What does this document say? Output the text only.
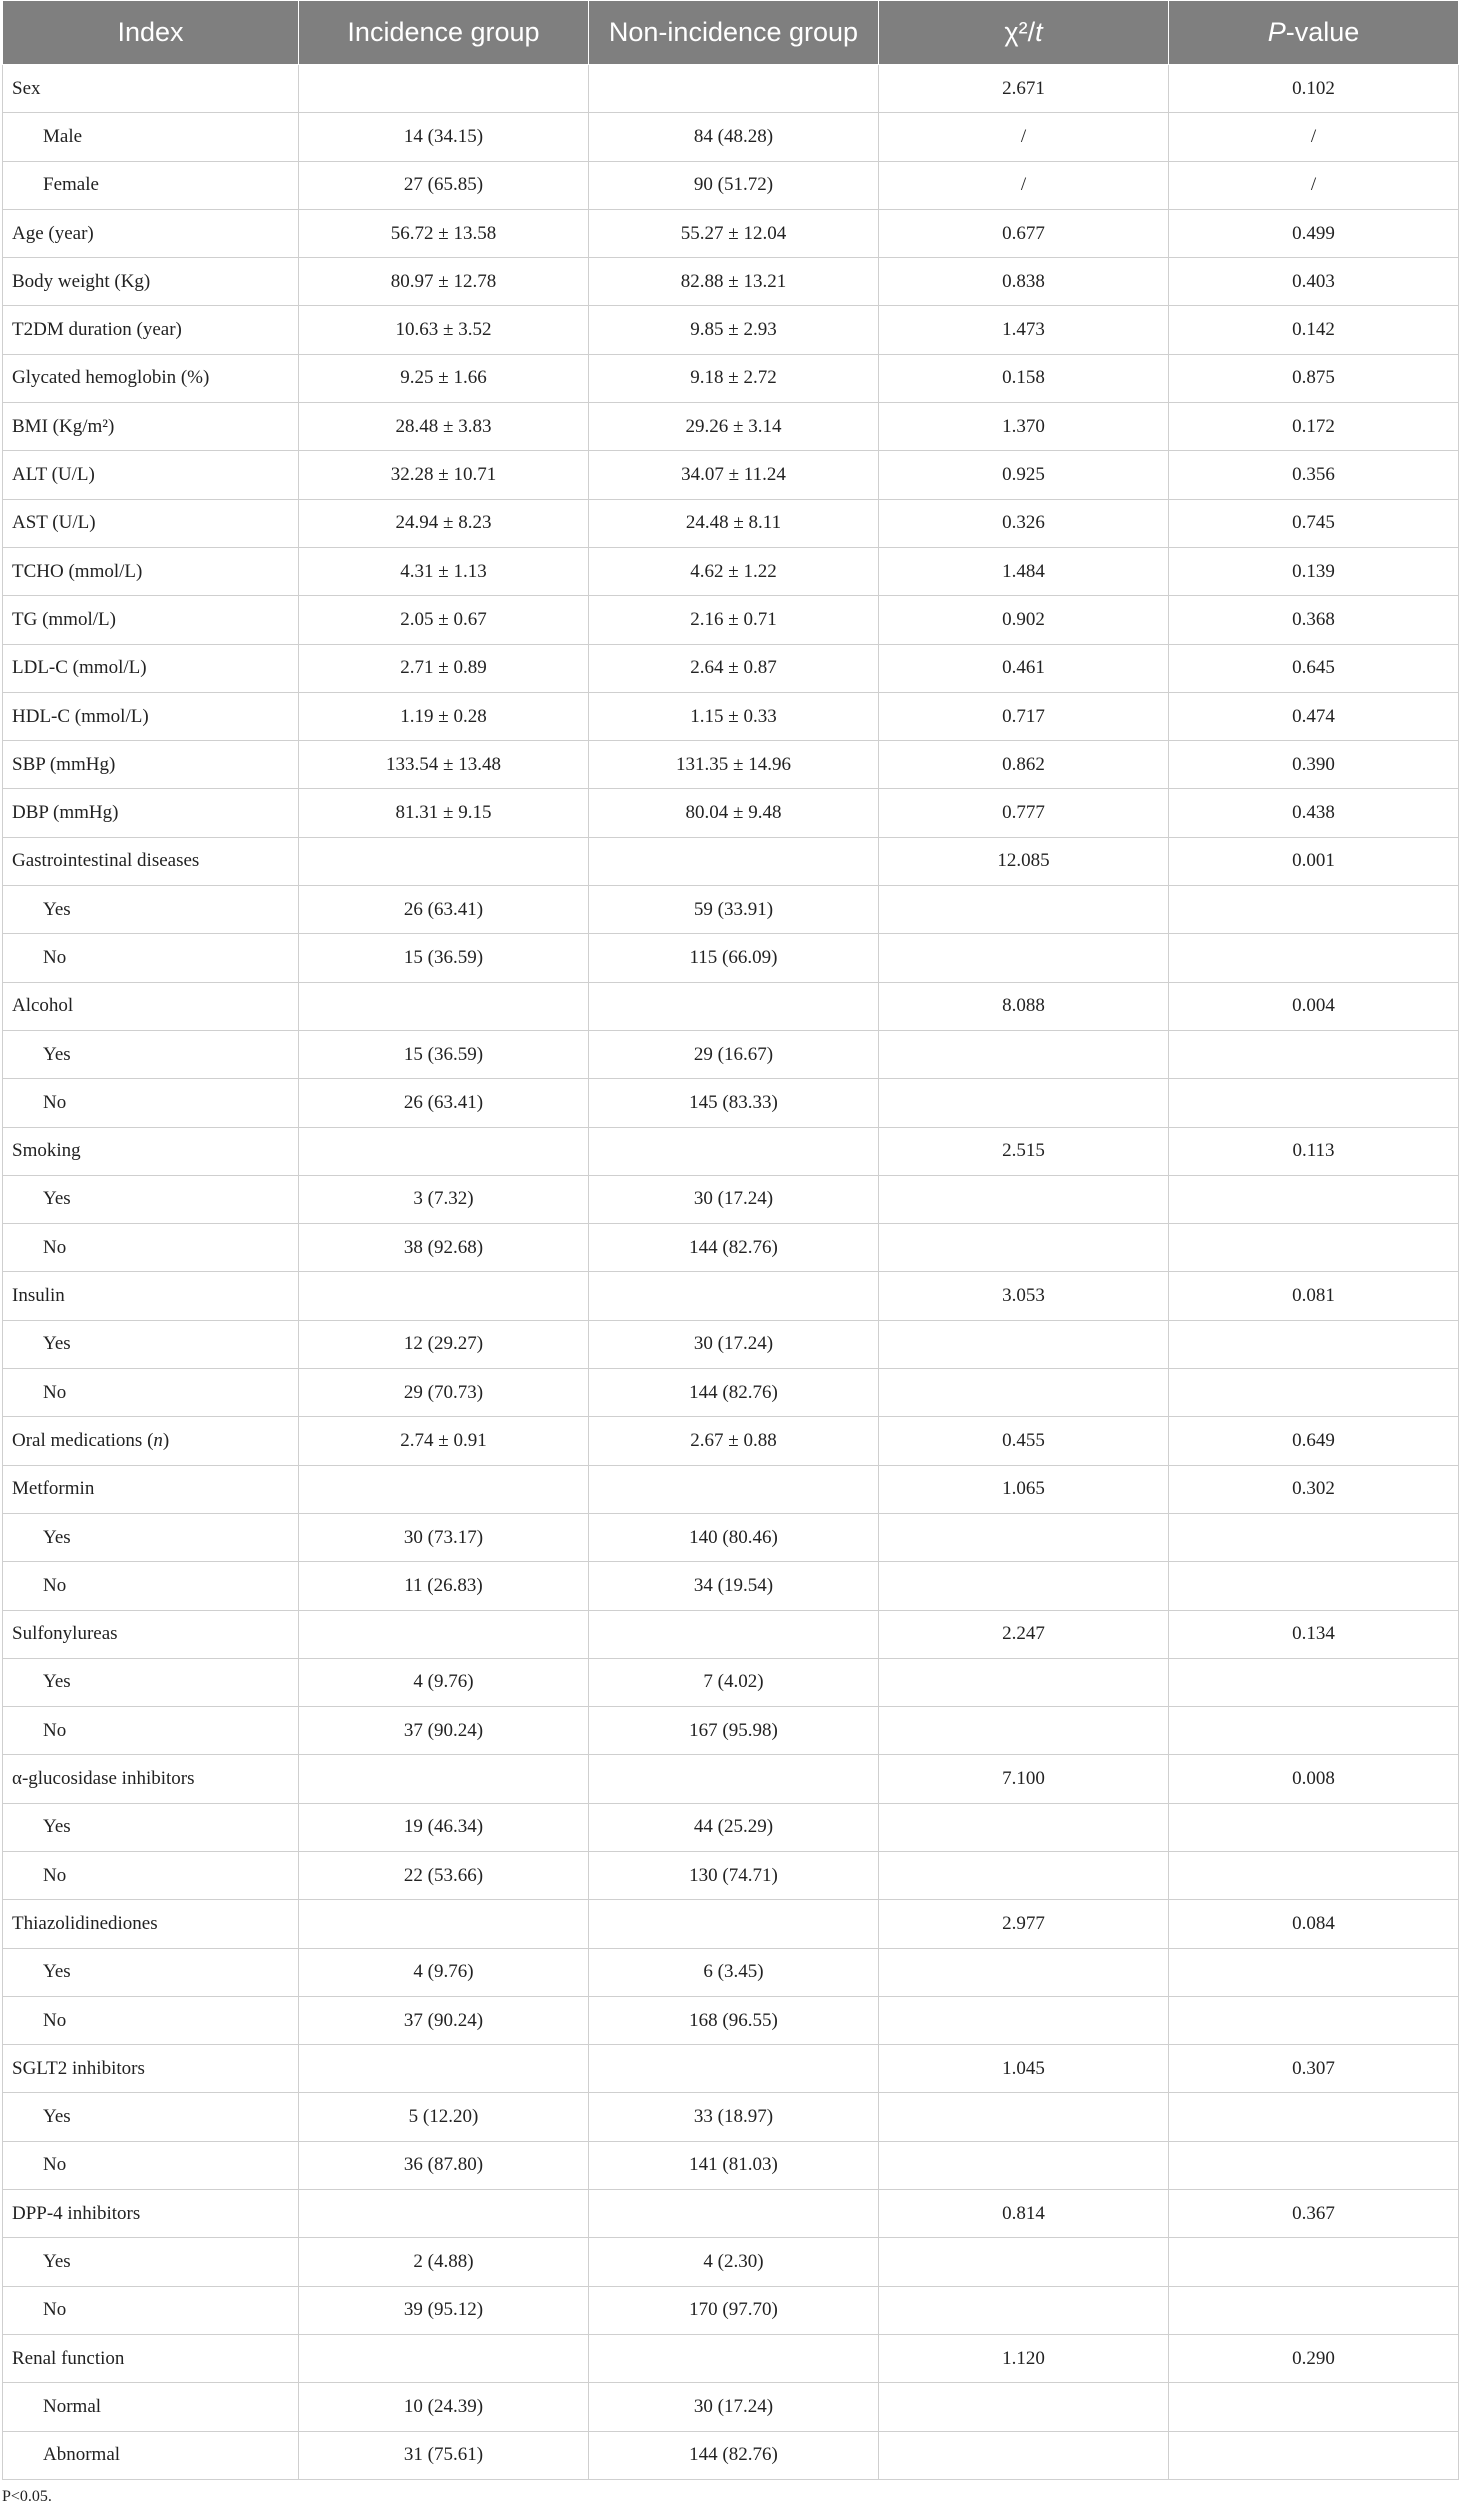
Index	Incidence group	Non-incidence group	χ²/t	P-value
Sex			2.671	0.102
Male	14 (34.15)	84 (48.28)	/	/
Female	27 (65.85)	90 (51.72)	/	/
Age (year)	56.72 ± 13.58	55.27 ± 12.04	0.677	0.499
Body weight (Kg)	80.97 ± 12.78	82.88 ± 13.21	0.838	0.403
T2DM duration (year)	10.63 ± 3.52	9.85 ± 2.93	1.473	0.142
Glycated hemoglobin (%)	9.25 ± 1.66	9.18 ± 2.72	0.158	0.875
BMI (Kg/m²)	28.48 ± 3.83	29.26 ± 3.14	1.370	0.172
ALT (U/L)	32.28 ± 10.71	34.07 ± 11.24	0.925	0.356
AST (U/L)	24.94 ± 8.23	24.48 ± 8.11	0.326	0.745
TCHO (mmol/L)	4.31 ± 1.13	4.62 ± 1.22	1.484	0.139
TG (mmol/L)	2.05 ± 0.67	2.16 ± 0.71	0.902	0.368
LDL-C (mmol/L)	2.71 ± 0.89	2.64 ± 0.87	0.461	0.645
HDL-C (mmol/L)	1.19 ± 0.28	1.15 ± 0.33	0.717	0.474
SBP (mmHg)	133.54 ± 13.48	131.35 ± 14.96	0.862	0.390
DBP (mmHg)	81.31 ± 9.15	80.04 ± 9.48	0.777	0.438
Gastrointestinal diseases			12.085	0.001
Yes	26 (63.41)	59 (33.91)		
No	15 (36.59)	115 (66.09)		
Alcohol			8.088	0.004
Yes	15 (36.59)	29 (16.67)		
No	26 (63.41)	145 (83.33)		
Smoking			2.515	0.113
Yes	3 (7.32)	30 (17.24)		
No	38 (92.68)	144 (82.76)		
Insulin			3.053	0.081
Yes	12 (29.27)	30 (17.24)		
No	29 (70.73)	144 (82.76)		
Oral medications (n)	2.74 ± 0.91	2.67 ± 0.88	0.455	0.649
Metformin			1.065	0.302
Yes	30 (73.17)	140 (80.46)		
No	11 (26.83)	34 (19.54)		
Sulfonylureas			2.247	0.134
Yes	4 (9.76)	7 (4.02)		
No	37 (90.24)	167 (95.98)		
α-glucosidase inhibitors			7.100	0.008
Yes	19 (46.34)	44 (25.29)		
No	22 (53.66)	130 (74.71)		
Thiazolidinediones			2.977	0.084
Yes	4 (9.76)	6 (3.45)		
No	37 (90.24)	168 (96.55)		
SGLT2 inhibitors			1.045	0.307
Yes	5 (12.20)	33 (18.97)		
No	36 (87.80)	141 (81.03)		
DPP-4 inhibitors			0.814	0.367
Yes	2 (4.88)	4 (2.30)		
No	39 (95.12)	170 (97.70)		
Renal function			1.120	0.290
Normal	10 (24.39)	30 (17.24)		
Abnormal	31 (75.61)	144 (82.76)		
P<0.05.
